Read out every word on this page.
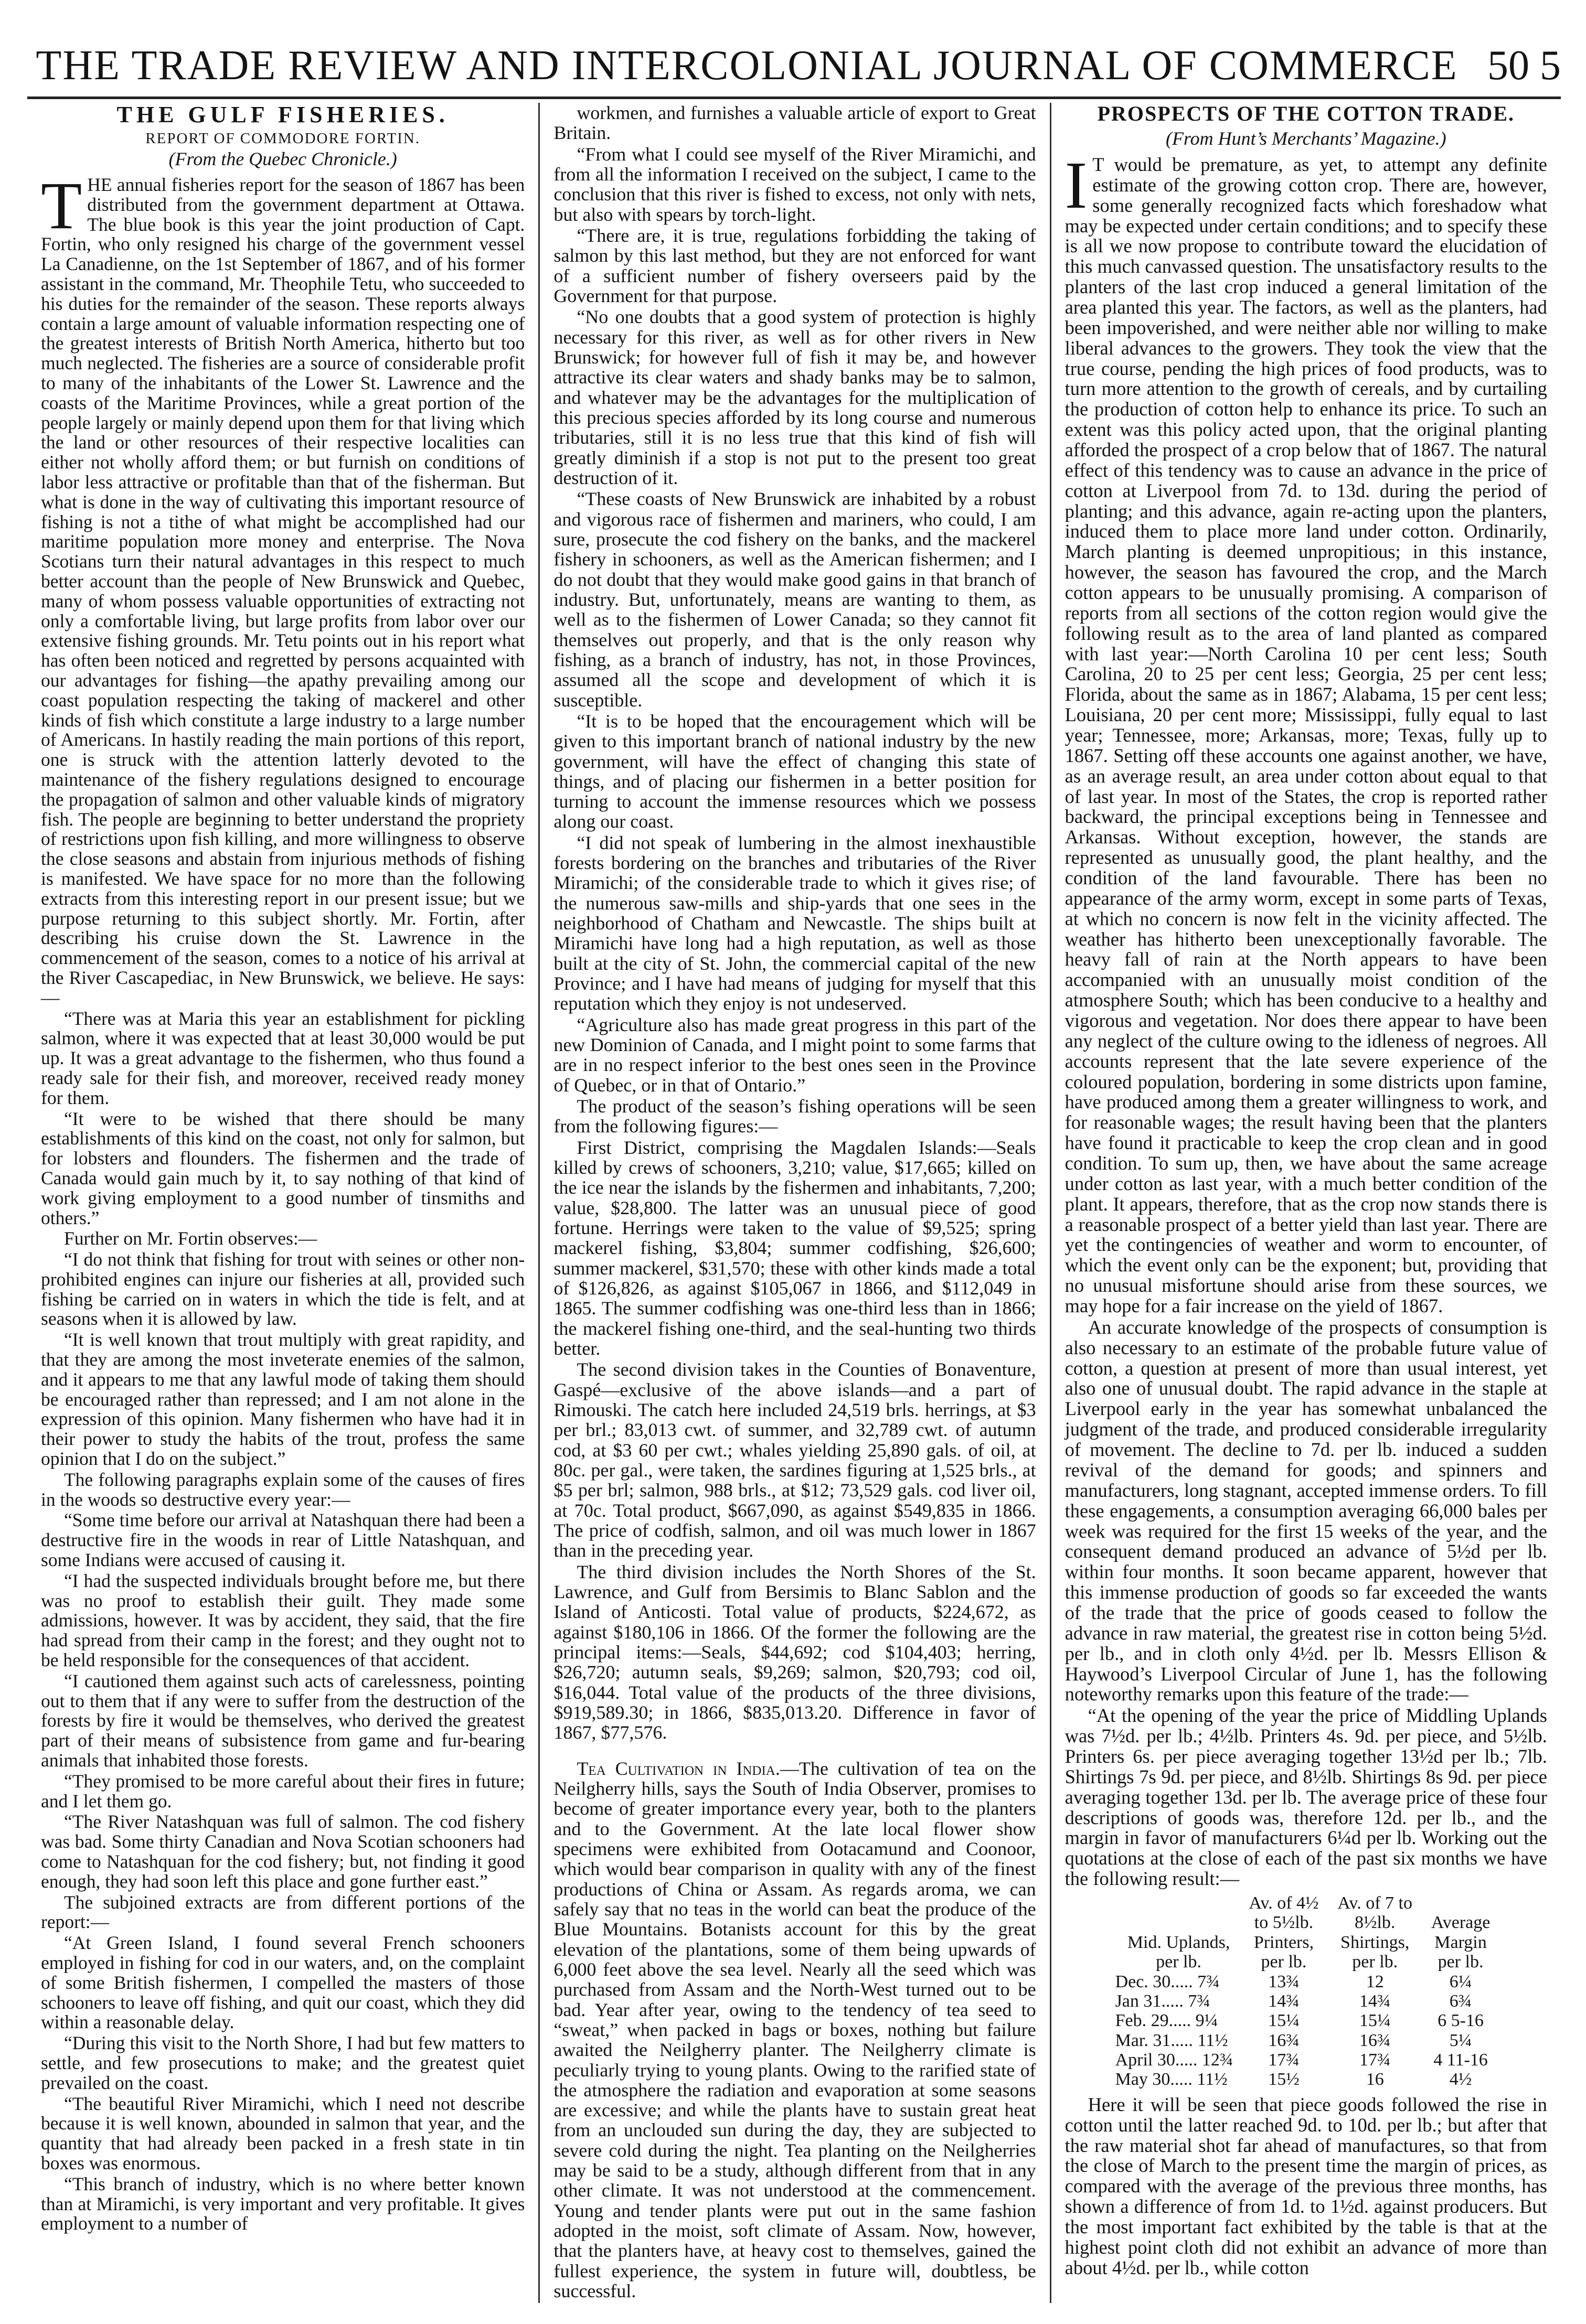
THE TRADE REVIEW AND INTERCOLONIAL JOURNAL OF COMMERCE 50 5
THE GULF FISHERIES.
REPORT OF COMMODORE FORTIN.
(From the Quebec Chronicle.)

THE annual fisheries report for the season of 1867 has been distributed from the government department at Ottawa. The blue book is this year the joint production of Capt. Fortin, who only resigned his charge of the government vessel La Canadienne, on the 1st September of 1867, and of his former assistant in the command, Mr. Theophile Tetu, who succeeded to his duties for the remainder of the season. These reports always contain a large amount of valuable information respecting one of the greatest interests of British North America, hitherto but too much neglected. The fisheries are a source of considerable profit to many of the inhabitants of the Lower St. Lawrence and the coasts of the Maritime Provinces, while a great portion of the people largely or mainly depend upon them for that living which the land or other resources of their respective localities can either not wholly afford them; or but furnish on conditions of labor less attractive or profitable than that of the fisherman. But what is done in the way of cultivating this important resource of fishing is not a tithe of what might be accomplished had our maritime population more money and enterprise. The Nova Scotians turn their natural advantages in this respect to much better account than the people of New Brunswick and Quebec, many of whom possess valuable opportunities of extracting not only a comfortable living, but large profits from labor over our extensive fishing grounds. Mr. Tetu points out in his report what has often been noticed and regretted by persons acquainted with our advantages for fishing—the apathy prevailing among our coast population respecting the taking of mackerel and other kinds of fish which constitute a large industry to a large number of Americans. In hastily reading the main portions of this report, one is struck with the attention latterly devoted to the maintenance of the fishery regulations designed to encourage the propagation of salmon and other valuable kinds of migratory fish. The people are beginning to better understand the propriety of restrictions upon fish killing, and more willingness to observe the close seasons and abstain from injurious methods of fishing is manifested. We have space for no more than the following extracts from this interesting report in our present issue; but we purpose returning to this subject shortly. Mr. Fortin, after describing his cruise down the St. Lawrence in the commencement of the season, comes to a notice of his arrival at the River Cascapediac, in New Brunswick, we believe. He says:—

“There was at Maria this year an establishment for pickling salmon, where it was expected that at least 30,000 would be put up. It was a great advantage to the fishermen, who thus found a ready sale for their fish, and moreover, received ready money for them.

“It were to be wished that there should be many establishments of this kind on the coast, not only for salmon, but for lobsters and flounders. The fishermen and the trade of Canada would gain much by it, to say nothing of that kind of work giving employment to a good number of tinsmiths and others.”

Further on Mr. Fortin observes:—

“I do not think that fishing for trout with seines or other non-prohibited engines can injure our fisheries at all, provided such fishing be carried on in waters in which the tide is felt, and at seasons when it is allowed by law.

“It is well known that trout multiply with great rapidity, and that they are among the most inveterate enemies of the salmon, and it appears to me that any lawful mode of taking them should be encouraged rather than repressed; and I am not alone in the expression of this opinion. Many fishermen who have had it in their power to study the habits of the trout, profess the same opinion that I do on the subject.”

The following paragraphs explain some of the causes of fires in the woods so destructive every year:—

“Some time before our arrival at Natashquan there had been a destructive fire in the woods in rear of Little Natashquan, and some Indians were accused of causing it.

“I had the suspected individuals brought before me, but there was no proof to establish their guilt. They made some admissions, however. It was by accident, they said, that the fire had spread from their camp in the forest; and they ought not to be held responsible for the consequences of that accident.

“I cautioned them against such acts of carelessness, pointing out to them that if any were to suffer from the destruction of the forests by fire it would be themselves, who derived the greatest part of their means of subsistence from game and fur-bearing animals that inhabited those forests.

“They promised to be more careful about their fires in future; and I let them go.

“The River Natashquan was full of salmon. The cod fishery was bad. Some thirty Canadian and Nova Scotian schooners had come to Natashquan for the cod fishery; but, not finding it good enough, they had soon left this place and gone further east.”

The subjoined extracts are from different portions of the report:—

“At Green Island, I found several French schooners employed in fishing for cod in our waters, and, on the complaint of some British fishermen, I compelled the masters of those schooners to leave off fishing, and quit our coast, which they did within a reasonable delay.

“During this visit to the North Shore, I had but few matters to settle, and few prosecutions to make; and the greatest quiet prevailed on the coast.

“The beautiful River Miramichi, which I need not describe because it is well known, abounded in salmon that year, and the quantity that had already been packed in a fresh state in tin boxes was enormous.

“This branch of industry, which is no where better known than at Miramichi, is very important and very profitable. It gives employment to a number of

workmen, and furnishes a valuable article of export to Great Britain.

“From what I could see myself of the River Miramichi, and from all the information I received on the subject, I came to the conclusion that this river is fished to excess, not only with nets, but also with spears by torch-light.

“There are, it is true, regulations forbidding the taking of salmon by this last method, but they are not enforced for want of a sufficient number of fishery overseers paid by the Government for that purpose.

“No one doubts that a good system of protection is highly necessary for this river, as well as for other rivers in New Brunswick; for however full of fish it may be, and however attractive its clear waters and shady banks may be to salmon, and whatever may be the advantages for the multiplication of this precious species afforded by its long course and numerous tributaries, still it is no less true that this kind of fish will greatly diminish if a stop is not put to the present too great destruction of it.

“These coasts of New Brunswick are inhabited by a robust and vigorous race of fishermen and mariners, who could, I am sure, prosecute the cod fishery on the banks, and the mackerel fishery in schooners, as well as the American fishermen; and I do not doubt that they would make good gains in that branch of industry. But, unfortunately, means are wanting to them, as well as to the fishermen of Lower Canada; so they cannot fit themselves out properly, and that is the only reason why fishing, as a branch of industry, has not, in those Provinces, assumed all the scope and development of which it is susceptible.

“It is to be hoped that the encouragement which will be given to this important branch of national industry by the new government, will have the effect of changing this state of things, and of placing our fishermen in a better position for turning to account the immense resources which we possess along our coast.

“I did not speak of lumbering in the almost inexhaustible forests bordering on the branches and tributaries of the River Miramichi; of the considerable trade to which it gives rise; of the numerous saw-mills and ship-yards that one sees in the neighborhood of Chatham and Newcastle. The ships built at Miramichi have long had a high reputation, as well as those built at the city of St. John, the commercial capital of the new Province; and I have had means of judging for myself that this reputation which they enjoy is not undeserved.

“Agriculture also has made great progress in this part of the new Dominion of Canada, and I might point to some farms that are in no respect inferior to the best ones seen in the Province of Quebec, or in that of Ontario.”

The product of the season’s fishing operations will be seen from the following figures:—

First District, comprising the Magdalen Islands:—Seals killed by crews of schooners, 3,210; value, $17,665; killed on the ice near the islands by the fishermen and inhabitants, 7,200; value, $28,800. The latter was an unusual piece of good fortune. Herrings were taken to the value of $9,525; spring mackerel fishing, $3,804; summer codfishing, $26,600; summer mackerel, $31,570; these with other kinds made a total of $126,826, as against $105,067 in 1866, and $112,049 in 1865. The summer codfishing was one-third less than in 1866; the mackerel fishing one-third, and the seal-hunting two thirds better.

The second division takes in the Counties of Bonaventure, Gaspé—exclusive of the above islands—and a part of Rimouski. The catch here included 24,519 brls. herrings, at $3 per brl.; 83,013 cwt. of summer, and 32,789 cwt. of autumn cod, at $3 60 per cwt.; whales yielding 25,890 gals. of oil, at 80c. per gal., were taken, the sardines figuring at 1,525 brls., at $5 per brl; salmon, 988 brls., at $12; 73,529 gals. cod liver oil, at 70c. Total product, $667,090, as against $549,835 in 1866. The price of codfish, salmon, and oil was much lower in 1867 than in the preceding year.

The third division includes the North Shores of the St. Lawrence, and Gulf from Bersimis to Blanc Sablon and the Island of Anticosti. Total value of products, $224,672, as against $180,106 in 1866. Of the former the following are the principal items:—Seals, $44,692; cod $104,403; herring, $26,720; autumn seals, $9,269; salmon, $20,793; cod oil, $16,044. Total value of the products of the three divisions, $919,589.30; in 1866, $835,013.20. Difference in favor of 1867, $77,576.

Tea Cultivation in India.—The cultivation of tea on the Neilgherry hills, says the South of India Observer, promises to become of greater importance every year, both to the planters and to the Government. At the late local flower show specimens were exhibited from Ootacamund and Coonoor, which would bear comparison in quality with any of the finest productions of China or Assam. As regards aroma, we can safely say that no teas in the world can beat the produce of the Blue Mountains. Botanists account for this by the great elevation of the plantations, some of them being upwards of 6,000 feet above the sea level. Nearly all the seed which was purchased from Assam and the North-West turned out to be bad. Year after year, owing to the tendency of tea seed to “sweat,” when packed in bags or boxes, nothing but failure awaited the Neilgherry planter. The Neilgherry climate is peculiarly trying to young plants. Owing to the rarified state of the atmosphere the radiation and evaporation at some seasons are excessive; and while the plants have to sustain great heat from an unclouded sun during the day, they are subjected to severe cold during the night. Tea planting on the Neilgherries may be said to be a study, although different from that in any other climate. It was not understood at the commencement. Young and tender plants were put out in the same fashion adopted in the moist, soft climate of Assam. Now, however, that the planters have, at heavy cost to themselves, gained the fullest experience, the system in future will, doubtless, be successful.

PROSPECTS OF THE COTTON TRADE.
(From Hunt’s Merchants’ Magazine.)

I T would be premature, as yet, to attempt any definite estimate of the growing cotton crop. There are, however, some generally recognized facts which foreshadow what may be expected under certain conditions; and to specify these is all we now propose to contribute toward the elucidation of this much canvassed question. The unsatisfactory results to the planters of the last crop induced a general limitation of the area planted this year. The factors, as well as the planters, had been impoverished, and were neither able nor willing to make liberal advances to the growers. They took the view that the true course, pending the high prices of food products, was to turn more attention to the growth of cereals, and by curtailing the production of cotton help to enhance its price. To such an extent was this policy acted upon, that the original planting afforded the prospect of a crop below that of 1867. The natural effect of this tendency was to cause an advance in the price of cotton at Liverpool from 7d. to 13d. during the period of planting; and this advance, again re-acting upon the planters, induced them to place more land under cotton. Ordinarily, March planting is deemed unpropitious; in this instance, however, the season has favoured the crop, and the March cotton appears to be unusually promising. A comparison of reports from all sections of the cotton region would give the following result as to the area of land planted as compared with last year:—North Carolina 10 per cent less; South Carolina, 20 to 25 per cent less; Georgia, 25 per cent less; Florida, about the same as in 1867; Alabama, 15 per cent less; Louisiana, 20 per cent more; Mississippi, fully equal to last year; Tennessee, more; Arkansas, more; Texas, fully up to 1867. Setting off these accounts one against another, we have, as an average result, an area under cotton about equal to that of last year. In most of the States, the crop is reported rather backward, the principal exceptions being in Tennessee and Arkansas. Without exception, however, the stands are represented as unusually good, the plant healthy, and the condition of the land favourable. There has been no appearance of the army worm, except in some parts of Texas, at which no concern is now felt in the vicinity affected. The weather has hitherto been unexceptionally favorable. The heavy fall of rain at the North appears to have been accompanied with an unusually moist condition of the atmosphere South; which has been conducive to a healthy and vigorous and vegetation. Nor does there appear to have been any neglect of the culture owing to the idleness of negroes. All accounts represent that the late severe experience of the coloured population, bordering in some districts upon famine, have produced among them a greater willingness to work, and for reasonable wages; the result having been that the planters have found it practicable to keep the crop clean and in good condition. To sum up, then, we have about the same acreage under cotton as last year, with a much better condition of the plant. It appears, therefore, that as the crop now stands there is a reasonable prospect of a better yield than last year. There are yet the contingencies of weather and worm to encounter, of which the event only can be the exponent; but, providing that no unusual misfortune should arise from these sources, we may hope for a fair increase on the yield of 1867.

An accurate knowledge of the prospects of consumption is also necessary to an estimate of the probable future value of cotton, a question at present of more than usual interest, yet also one of unusual doubt. The rapid advance in the staple at Liverpool early in the year has somewhat unbalanced the judgment of the trade, and produced considerable irregularity of movement. The decline to 7d. per lb. induced a sudden revival of the demand for goods; and spinners and manufacturers, long stagnant, accepted immense orders. To fill these engagements, a consumption averaging 66,000 bales per week was required for the first 15 weeks of the year, and the consequent demand produced an advance of 5½d per lb. within four months. It soon became apparent, however that this immense production of goods so far exceeded the wants of the trade that the price of goods ceased to follow the advance in raw material, the greatest rise in cotton being 5½d. per lb., and in cloth only 4½d. per lb. Messrs Ellison & Haywood’s Liverpool Circular of June 1, has the following noteworthy remarks upon this feature of the trade:—

“At the opening of the year the price of Middling Uplands was 7½d. per lb.; 4½lb. Printers 4s. 9d. per piece, and 5½lb. Printers 6s. per piece averaging together 13½d per lb.; 7lb. Shirtings 7s 9d. per piece, and 8½lb. Shirtings 8s 9d. per piece averaging together 13d. per lb. The average price of these four descriptions of goods was, therefore 12d. per lb., and the margin in favor of manufacturers 6¼d per lb. Working out the quotations at the close of each of the past six months we have the following result:—

	Mid. Uplands, per lb.	Av. of 4½ to 5½lb. Printers, per lb.	Av. of 7 to 8½lb. Shirtings, per lb.	Average Margin per lb.
Dec. 30..... 7¾		13¾	12	6¼
Jan 31..... 7¾		14¾	14¾	6¾
Feb. 29..... 9¼		15¼	15¼	6 5-16
Mar. 31..... 11½		16¾	16¾	5¼
April 30..... 12¾		17¾	17¾	4 11-16
May 30..... 11½		15½	16	4½

Here it will be seen that piece goods followed the rise in cotton until the latter reached 9d. to 10d. per lb.; but after that the raw material shot far ahead of manufactures, so that from the close of March to the present time the margin of prices, as compared with the average of the previous three months, has shown a difference of from 1d. to 1½d. against producers. But the most important fact exhibited by the table is that at the highest point cloth did not exhibit an advance of more than about 4½d. per lb., while cotton
